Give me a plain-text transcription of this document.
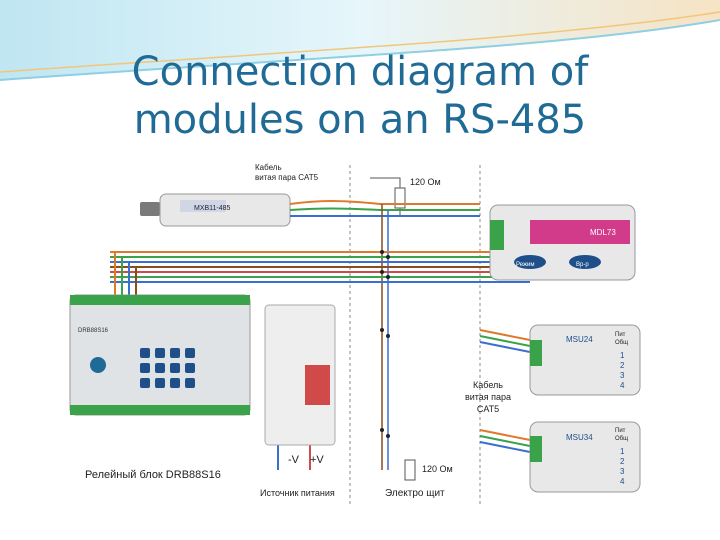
Connection diagram of
modules on an RS-485
Кабель
витая пара CAT5	120 Ом
MXB11-485
MDL73
Режим	Вр-р
MSU24	Пит
Общ
1
2
3
4
Кабель
витая пара
CAT5
MSU34
Пит
Общ
1
2
3
4
120 Ом
DRB88S16
Релейный блок DRB88S16
-V +V
Источник питания	Электро щит
